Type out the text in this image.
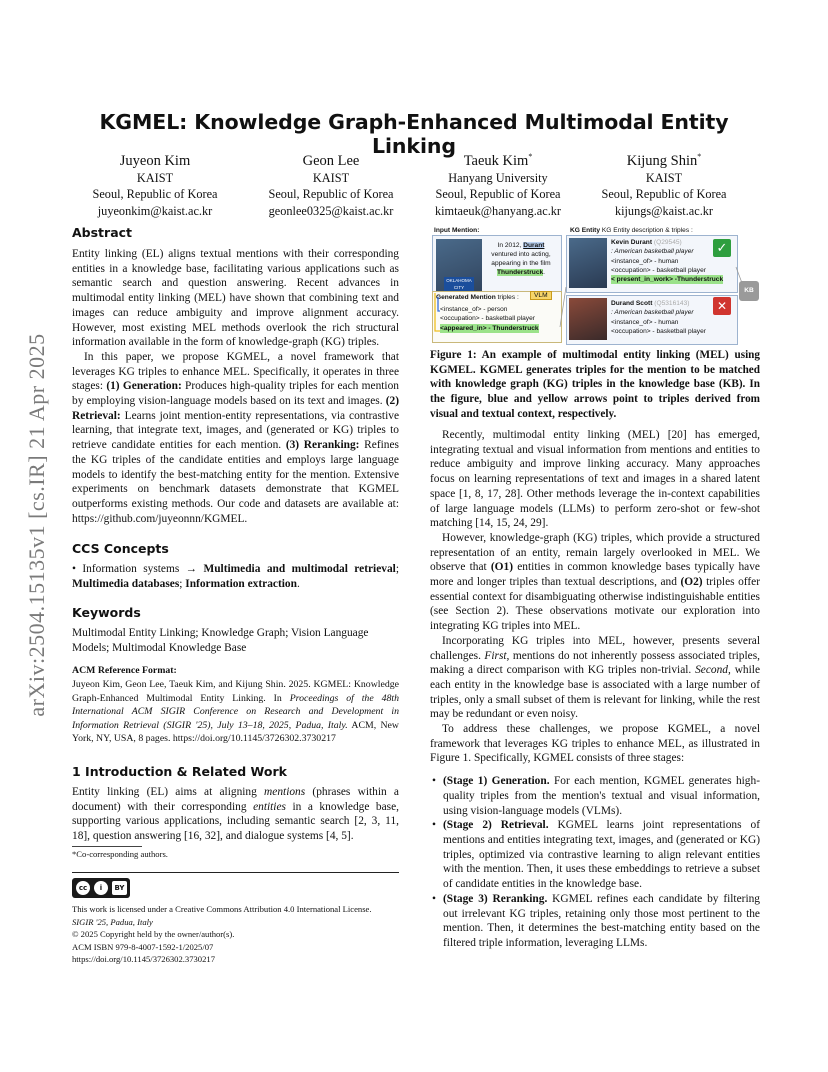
arXiv:2504.15135v1 [cs.IR] 21 Apr 2025
KGMEL: Knowledge Graph-Enhanced Multimodal Entity Linking
Juyeon Kim
KAIST
Seoul, Republic of Korea
juyeonkim@kaist.ac.kr
Geon Lee
KAIST
Seoul, Republic of Korea
geonlee0325@kaist.ac.kr
Taeuk Kim*
Hanyang University
Seoul, Republic of Korea
kimtaeuk@hanyang.ac.kr
Kijung Shin*
KAIST
Seoul, Republic of Korea
kijungs@kaist.ac.kr
Abstract

Entity linking (EL) aligns textual mentions with their corresponding entities in a knowledge base, facilitating various applications such as semantic search and question answering. Recent advances in multimodal entity linking (MEL) have shown that combining text and images can reduce ambiguity and improve alignment accuracy. However, most existing MEL methods overlook the rich structural information available in the form of knowledge-graph (KG) triples.

In this paper, we propose KGMEL, a novel framework that leverages KG triples to enhance MEL. Specifically, it operates in three stages: (1) Generation: Produces high-quality triples for each mention by employing vision-language models based on its text and images. (2) Retrieval: Learns joint mention-entity representations, via contrastive learning, that integrate text, images, and (generated or KG) triples to retrieve candidate entities for each mention. (3) Reranking: Refines the KG triples of the candidate entities and employs large language models to identify the best-matching entity for the mention. Extensive experiments on benchmark datasets demonstrate that KGMEL outperforms existing methods. Our code and datasets are available at: https://github.com/juyeonnn/KGMEL.

CCS Concepts

• Information systems → Multimedia and multimodal retrieval; Multimedia databases; Information extraction.

Keywords
Multimodal Entity Linking; Knowledge Graph; Vision Language Models; Multimodal Knowledge Base
ACM Reference Format:
Juyeon Kim, Geon Lee, Taeuk Kim, and Kijung Shin. 2025. KGMEL: Knowledge Graph-Enhanced Multimodal Entity Linking. In Proceedings of the 48th International ACM SIGIR Conference on Research and Development in Information Retrieval (SIGIR '25), July 13–18, 2025, Padua, Italy. ACM, New York, NY, USA, 8 pages. https://doi.org/10.1145/3726302.3730217
1 Introduction & Related Work

Entity linking (EL) aims at aligning mentions (phrases within a document) with their corresponding entities in a knowledge base, supporting various applications, including semantic search [2, 3, 11, 18], question answering [16, 32], and dialogue systems [4, 5].

*Co-corresponding authors.
cc	i	BY
This work is licensed under a Creative Commons Attribution 4.0 International License.
SIGIR '25, Padua, Italy
© 2025 Copyright held by the owner/author(s).
ACM ISBN 979-8-4007-1592-1/2025/07
https://doi.org/10.1145/3726302.3730217
Input Mention:
OKLAHOMA CITY
In 2012, Durant ventured into acting, appearing in the film Thunderstruck.
Generated Mention triples :	VLM
<instance_of> - person
<occupation> - basketball player
<appeared_in> - Thunderstruck
KG Entity KG Entity description & triples :
Kevin Durant (Q29545)
: American basketball player
<instance_of> - human
<occupation> - basketball player
< present_in_work> -Thunderstruck
✓
Durand Scott (Q5316143)
: American basketball player
<instance_of> - human
<occupation> - basketball player
✕
KB
Figure 1: An example of multimodal entity linking (MEL) using KGMEL. KGMEL generates triples for the mention to be matched with knowledge graph (KG) triples in the knowledge base (KB). In the figure, blue and yellow arrows point to triples derived from visual and textual context, respectively.

Recently, multimodal entity linking (MEL) [20] has emerged, integrating textual and visual information from mentions and entities to reduce ambiguity and improve linking accuracy. Many approaches focus on learning representations of text and images in a shared latent space [1, 8, 17, 28]. Other methods leverage the in-context capabilities of large language models (LLMs) to perform zero-shot or few-shot matching [14, 15, 24, 29].

However, knowledge-graph (KG) triples, which provide a structured representation of an entity, remain largely overlooked in MEL. We observe that (O1) entities in common knowledge bases typically have more and longer triples than textual descriptions, and (O2) triples offer essential context for disambiguating otherwise indistinguishable entities (see Section 2). These observations motivate our exploration into integrating KG triples into MEL.

Incorporating KG triples into MEL, however, presents several challenges. First, mentions do not inherently possess associated triples, making a direct comparison with KG triples non-trivial. Second, while each entity in the knowledge base is associated with a large number of triples, only a small subset of them is relevant for linking, while the rest may be redundant or even noisy.

To address these challenges, we propose KGMEL, a novel framework that leverages KG triples to enhance MEL, as illustrated in Figure 1. Specifically, KGMEL consists of three stages:

• (Stage 1) Generation. For each mention, KGMEL generates high-quality triples from the mention's textual and visual information, using vision-language models (VLMs).
• (Stage 2) Retrieval. KGMEL learns joint representations of mentions and entities integrating text, images, and (generated or KG) triples, optimized via contrastive learning to align relevant entities with the mention. Then, it uses these embeddings to retrieve a subset of candidate entities in the knowledge base.
• (Stage 3) Reranking. KGMEL refines each candidate by filtering out irrelevant KG triples, retaining only those most pertinent to the mention. Then, it determines the best-matching entity based on the filtered triple information, leveraging LLMs.
